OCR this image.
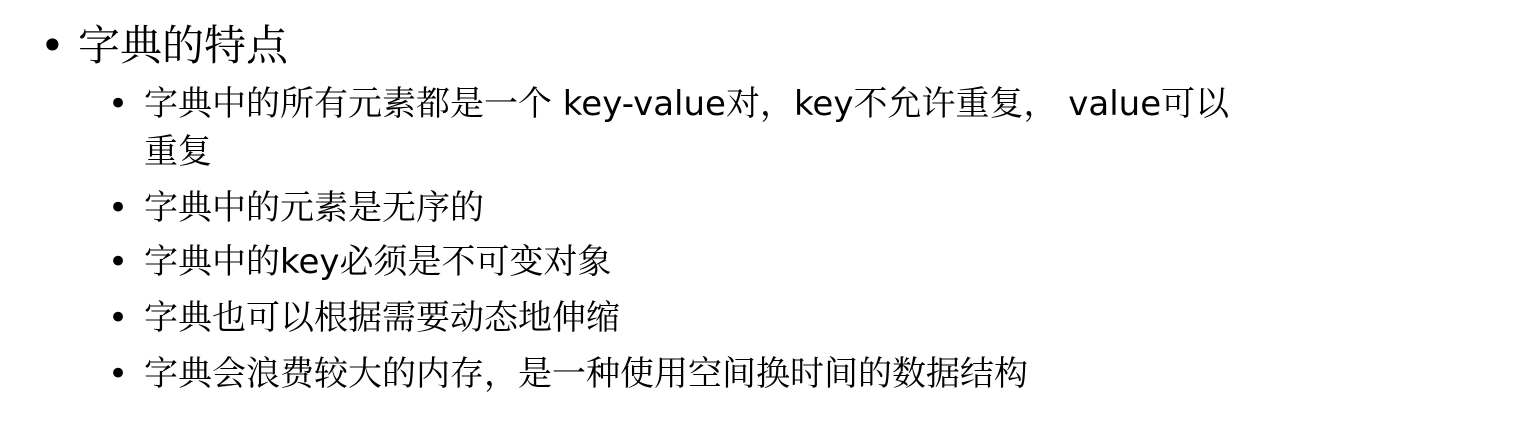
• 字典的特点
• 字典中的所有元素都是一个 key-value对，key不允许重复， value可以
重复
• 字典中的元素是无序的
• 字典中的key必须是不可变对象
• 字典也可以根据需要动态地伸缩
• 字典会浪费较大的内存，是一种使用空间换时间的数据结构
